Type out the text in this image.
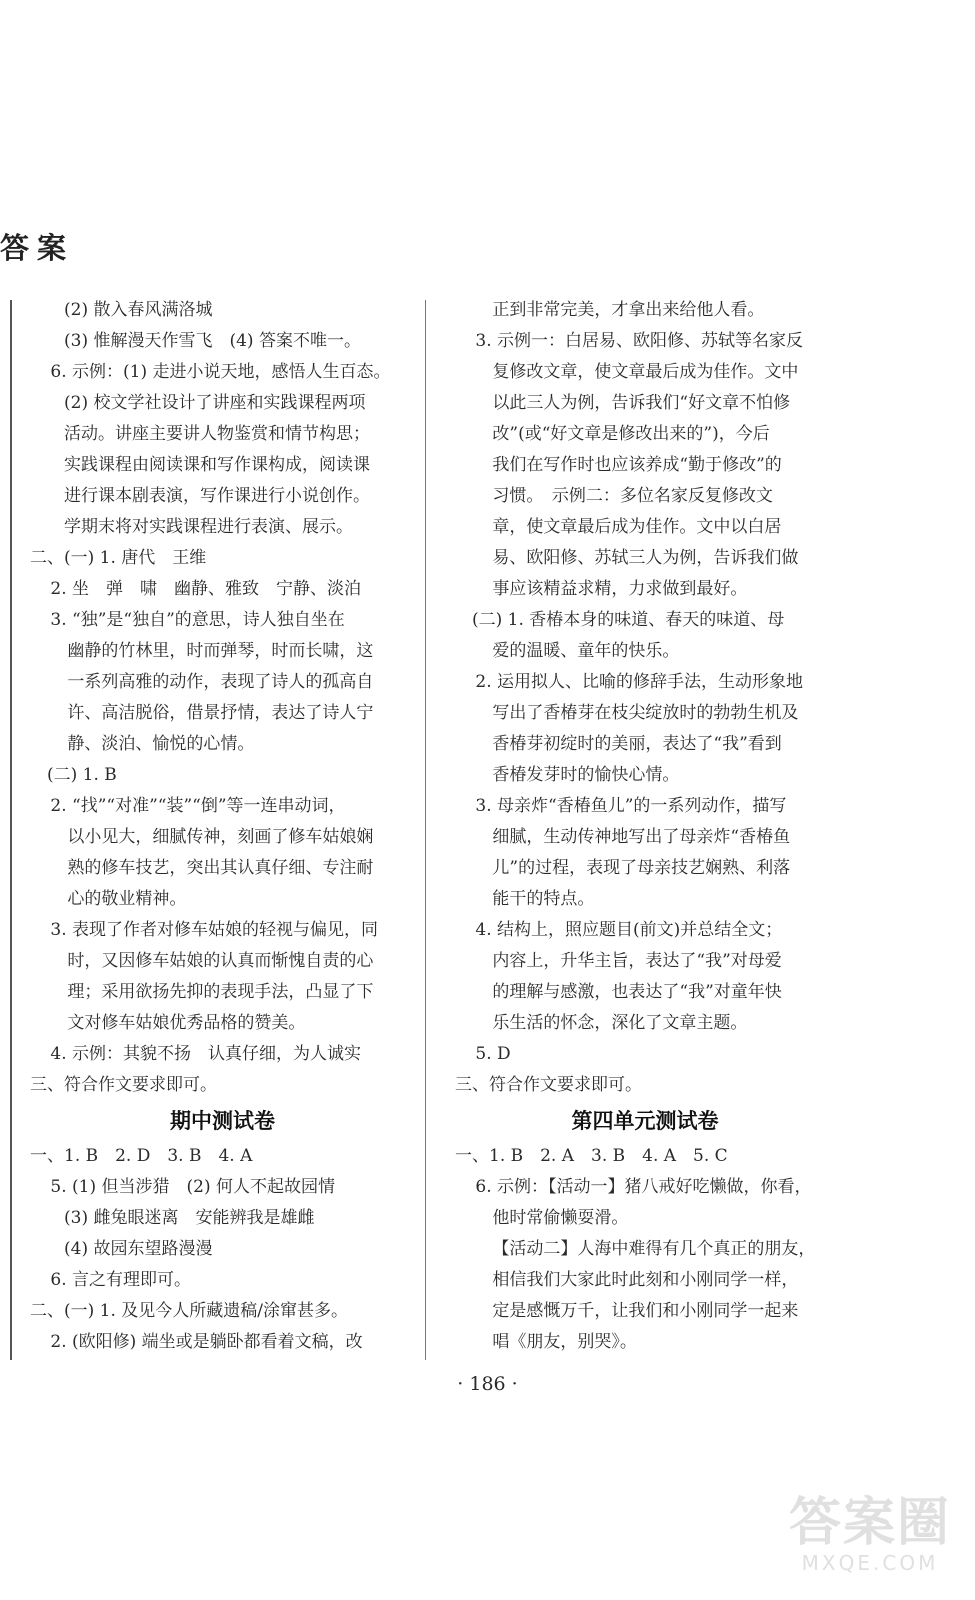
答案
(2) 散入春风满洛城
(3) 惟解漫天作雪飞　(4) 答案不唯一。
6. 示例：(1) 走进小说天地，感悟人生百态。
(2) 校文学社设计了讲座和实践课程两项
活动。讲座主要讲人物鉴赏和情节构思；
实践课程由阅读课和写作课构成，阅读课
进行课本剧表演，写作课进行小说创作。
学期末将对实践课程进行表演、展示。
二、(一) 1. 唐代　王维
2. 坐　弹　啸　幽静、雅致　宁静、淡泊
3. “独”是“独自”的意思，诗人独自坐在
幽静的竹林里，时而弹琴，时而长啸，这
一系列高雅的动作，表现了诗人的孤高自
许、高洁脱俗，借景抒情，表达了诗人宁
静、淡泊、愉悦的心情。
(二) 1. B
2. “找”“对准”“装”“倒”等一连串动词，
以小见大，细腻传神，刻画了修车姑娘娴
熟的修车技艺，突出其认真仔细、专注耐
心的敬业精神。
3. 表现了作者对修车姑娘的轻视与偏见，同
时，又因修车姑娘的认真而惭愧自责的心
理；采用欲扬先抑的表现手法，凸显了下
文对修车姑娘优秀品格的赞美。
4. 示例：其貌不扬　认真仔细，为人诚实
三、符合作文要求即可。
期中测试卷
一、1. B　2. D　3. B　4. A
5. (1) 但当涉猎　(2) 何人不起故园情
(3) 雌兔眼迷离　安能辨我是雄雌
(4) 故园东望路漫漫
6. 言之有理即可。
二、(一) 1. 及见今人所藏遗稿/涂窜甚多。
2. (欧阳修) 端坐或是躺卧都看着文稿，改
正到非常完美，才拿出来给他人看。
3. 示例一：白居易、欧阳修、苏轼等名家反
复修改文章，使文章最后成为佳作。文中
以此三人为例，告诉我们“好文章不怕修
改”(或“好文章是修改出来的”)，今后
我们在写作时也应该养成“勤于修改”的
习惯。　示例二：多位名家反复修改文
章，使文章最后成为佳作。文中以白居
易、欧阳修、苏轼三人为例，告诉我们做
事应该精益求精，力求做到最好。
(二) 1. 香椿本身的味道、春天的味道、母
爱的温暖、童年的快乐。
2. 运用拟人、比喻的修辞手法，生动形象地
写出了香椿芽在枝尖绽放时的勃勃生机及
香椿芽初绽时的美丽，表达了“我”看到
香椿发芽时的愉快心情。
3. 母亲炸“香椿鱼儿”的一系列动作，描写
细腻，生动传神地写出了母亲炸“香椿鱼
儿”的过程，表现了母亲技艺娴熟、利落
能干的特点。
4. 结构上，照应题目(前文)并总结全文；
内容上，升华主旨，表达了“我”对母爱
的理解与感激，也表达了“我”对童年快
乐生活的怀念，深化了文章主题。
5. D
三、符合作文要求即可。
第四单元测试卷
一、1. B　2. A　3. B　4. A　5. C
6. 示例：【活动一】猪八戒好吃懒做，你看，
他时常偷懒耍滑。
【活动二】人海中难得有几个真正的朋友，
相信我们大家此时此刻和小刚同学一样，
定是感慨万千，让我们和小刚同学一起来
唱《朋友，别哭》。
· 186 ·
答案圈
MXQE.COM
